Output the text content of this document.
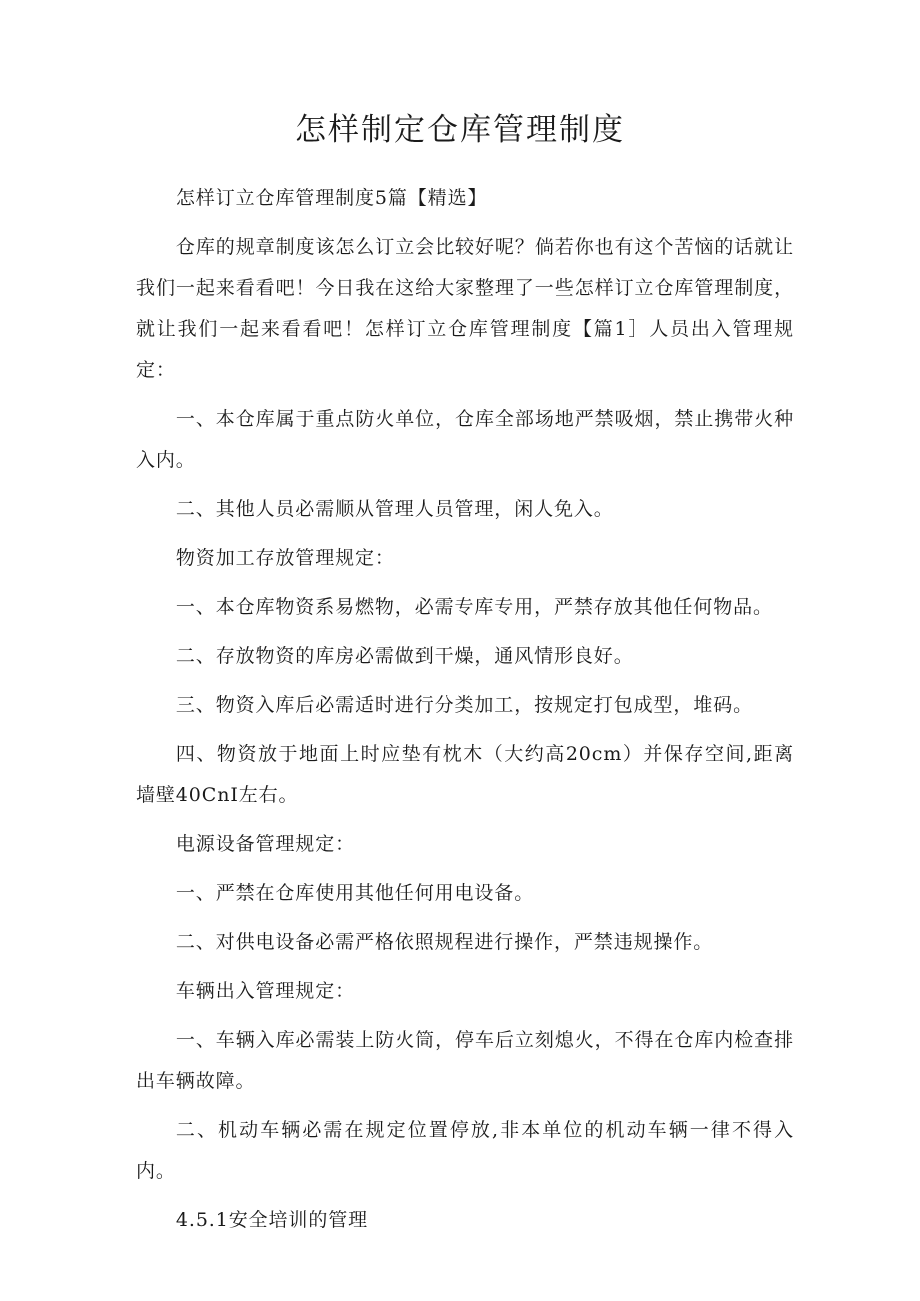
怎样制定仓库管理制度

怎样订立仓库管理制度5篇【精选】

仓库的规章制度该怎么订立会比较好呢？倘若你也有这个苦恼的话就让我们一起来看看吧！今日我在这给大家整理了一些怎样订立仓库管理制度，就让我们一起来看看吧！怎样订立仓库管理制度【篇1］人员出入管理规定：

一、本仓库属于重点防火单位，仓库全部场地严禁吸烟，禁止携带火种入内。

二、其他人员必需顺从管理人员管理，闲人免入。

物资加工存放管理规定：

一、本仓库物资系易燃物，必需专库专用，严禁存放其他任何物品。

二、存放物资的库房必需做到干燥，通风情形良好。

三、物资入库后必需适时进行分类加工，按规定打包成型，堆码。

四、物资放于地面上时应垫有枕木（大约高20cm）并保存空间,距离墙壁40CnI左右。

电源设备管理规定：

一、严禁在仓库使用其他任何用电设备。

二、对供电设备必需严格依照规程进行操作，严禁违规操作。

车辆出入管理规定：

一、车辆入库必需装上防火筒，停车后立刻熄火，不得在仓库内检查排出车辆故障。

二、机动车辆必需在规定位置停放,非本单位的机动车辆一律不得入内。

4.5.1安全培训的管理
